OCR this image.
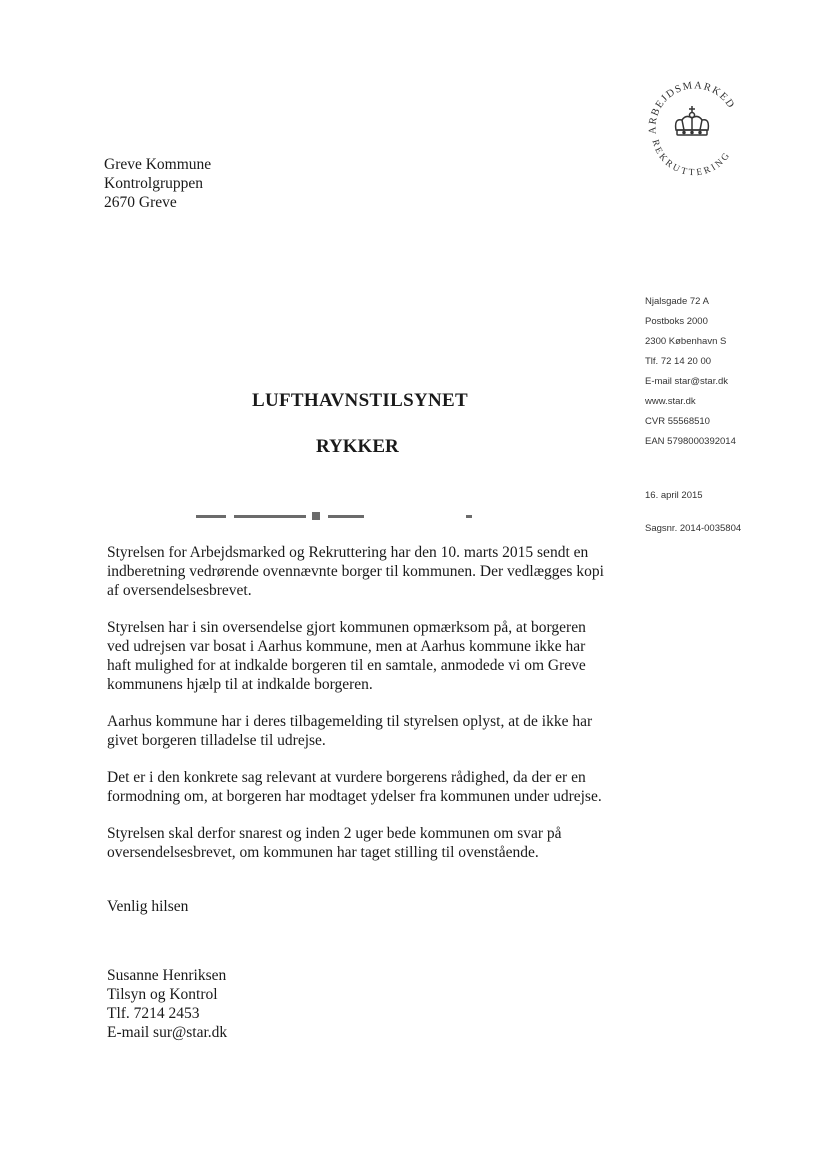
ARBEJDSMARKED
REKRUTTERING
Greve Kommune
Kontrolgruppen
2670 Greve
Njalsgade 72 A
Postboks 2000
2300 København S
Tlf. 72 14 20 00
E-mail star@star.dk
www.star.dk
CVR 55568510
EAN 5798000392014
LUFTHAVNSTILSYNET
RYKKER
16. april 2015
Sagsnr. 2014-0035804

Styrelsen for Arbejdsmarked og Rekruttering har den 10. marts 2015 sendt en indberetning vedrørende ovennævnte borger til kommunen. Der vedlægges kopi af oversendelsesbrevet.

Styrelsen har i sin oversendelse gjort kommunen opmærksom på, at borgeren ved udrejsen var bosat i Aarhus kommune, men at Aarhus kommune ikke har haft mulighed for at indkalde borgeren til en samtale, anmodede vi om Greve kommunens hjælp til at indkalde borgeren.

Aarhus kommune har i deres tilbagemelding til styrelsen oplyst, at de ikke har givet borgeren tilladelse til udrejse.

Det er i den konkrete sag relevant at vurdere borgerens rådighed, da der er en formodning om, at borgeren har modtaget ydelser fra kommunen under udrejse.

Styrelsen skal derfor snarest og inden 2 uger bede kommunen om svar på oversendelsesbrevet, om kommunen har taget stilling til ovenstående.

Venlig hilsen
Susanne Henriksen
Tilsyn og Kontrol
Tlf. 7214 2453
E-mail sur@star.dk
